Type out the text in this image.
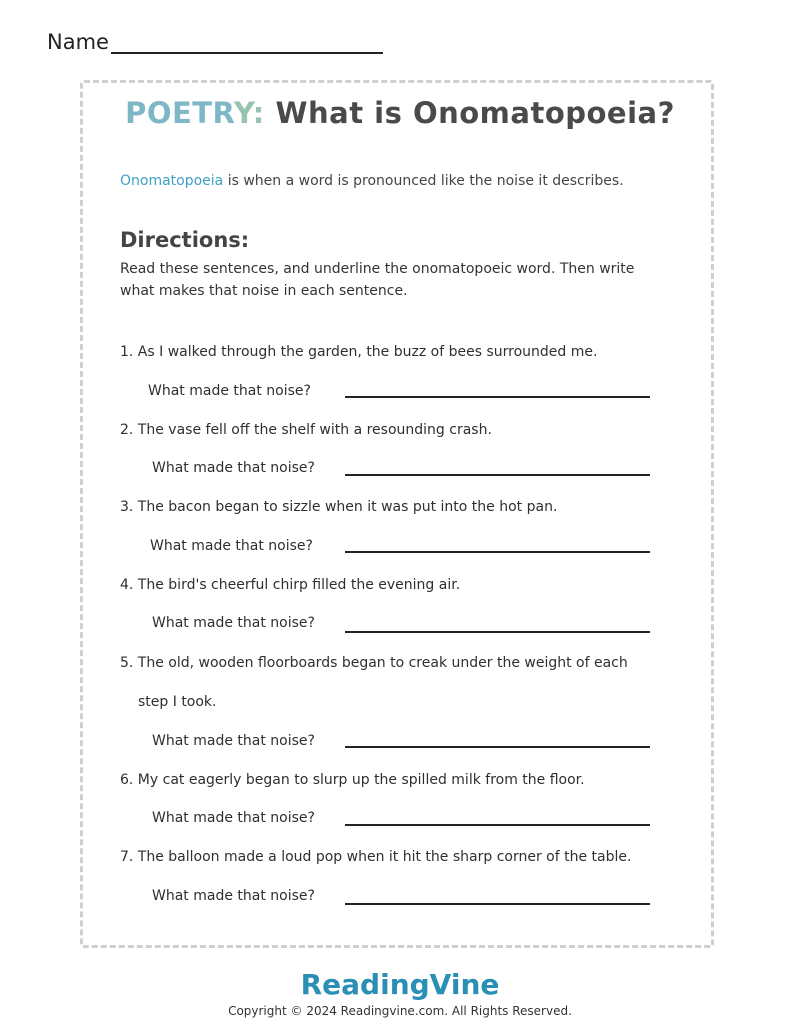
Name
POETRY: What is Onomatopoeia?
Onomatopoeia is when a word is pronounced like the noise it describes.
Directions:
Read these sentences, and underline the onomatopoeic word. Then write
what makes that noise in each sentence.
1. As I walked through the garden, the buzz of bees surrounded me.
What made that noise?
2. The vase fell off the shelf with a resounding crash.
What made that noise?
3. The bacon began to sizzle when it was put into the hot pan.
What made that noise?
4. The bird's cheerful chirp filled the evening air.
What made that noise?
5. The old, wooden floorboards began to creak under the weight of each
step I took.
What made that noise?
6. My cat eagerly began to slurp up the spilled milk from the floor.
What made that noise?
7. The balloon made a loud pop when it hit the sharp corner of the table.
What made that noise?
ReadingVine
Copyright © 2024 Readingvine.com. All Rights Reserved.
